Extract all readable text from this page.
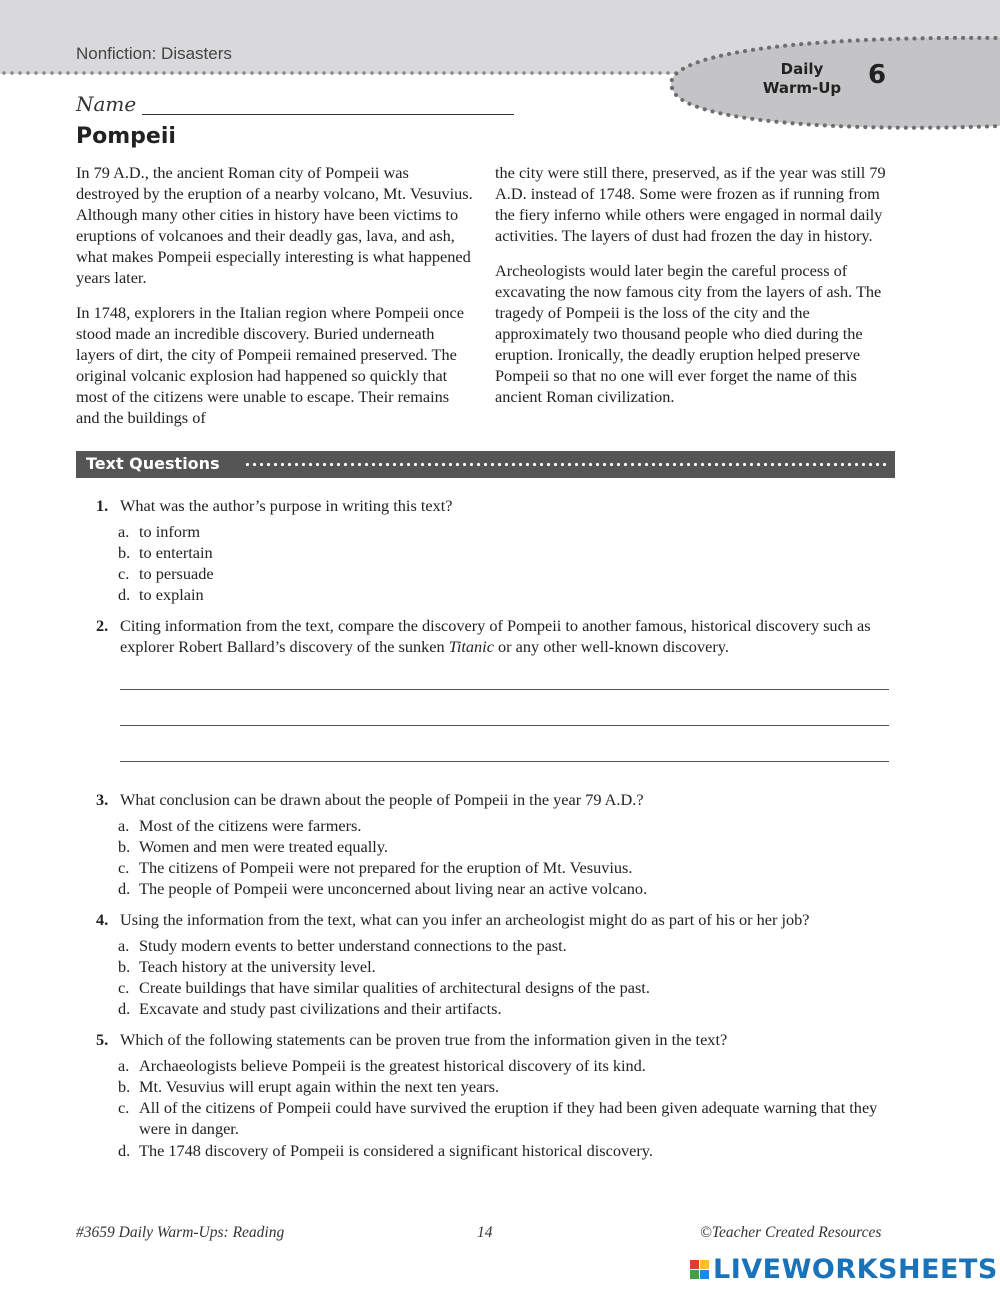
Nonfiction: Disasters
Daily
Warm-Up	6
Name
Pompeii

In 79 A.D., the ancient Roman city of Pompeii was destroyed by the eruption of a nearby volcano, Mt. Vesuvius. Although many other cities in history have been victims to eruptions of volcanoes and their deadly gas, lava, and ash, what makes Pompeii especially interesting is what happened years later.

In 1748, explorers in the Italian region where Pompeii once stood made an incredible discovery. Buried underneath layers of dirt, the city of Pompeii remained preserved. The original volcanic explosion had happened so quickly that most of the citizens were unable to escape. Their remains and the buildings of

the city were still there, preserved, as if the year was still 79 A.D. instead of 1748. Some were frozen as if running from the fiery inferno while others were engaged in normal daily activities. The layers of dust had frozen the day in history.

Archeologists would later begin the careful process of excavating the now famous city from the layers of ash. The tragedy of Pompeii is the loss of the city and the approximately two thousand people who died during the eruption. Ironically, the deadly eruption helped preserve Pompeii so that no one will ever forget the name of this ancient Roman civilization.

Text Questions
1. What was the author’s purpose in writing this text?
a. to inform
b. to entertain
c. to persuade
d. to explain
2. Citing information from the text, compare the discovery of Pompeii to another famous, historical discovery such as explorer Robert Ballard’s discovery of the sunken Titanic or any other well-known discovery.
3. What conclusion can be drawn about the people of Pompeii in the year 79 A.D.?
a. Most of the citizens were farmers.
b. Women and men were treated equally.
c. The citizens of Pompeii were not prepared for the eruption of Mt. Vesuvius.
d. The people of Pompeii were unconcerned about living near an active volcano.
4. Using the information from the text, what can you infer an archeologist might do as part of his or her job?
a. Study modern events to better understand connections to the past.
b. Teach history at the university level.
c. Create buildings that have similar qualities of architectural designs of the past.
d. Excavate and study past civilizations and their artifacts.
5. Which of the following statements can be proven true from the information given in the text?
a. Archaeologists believe Pompeii is the greatest historical discovery of its kind.
b. Mt. Vesuvius will erupt again within the next ten years.
c. All of the citizens of Pompeii could have survived the eruption if they had been given adequate warning that they were in danger.
d. The 1748 discovery of Pompeii is considered a significant historical discovery.
#3659 Daily Warm-Ups: Reading	14	©Teacher Created Resources
LIVEWORKSHEETS
